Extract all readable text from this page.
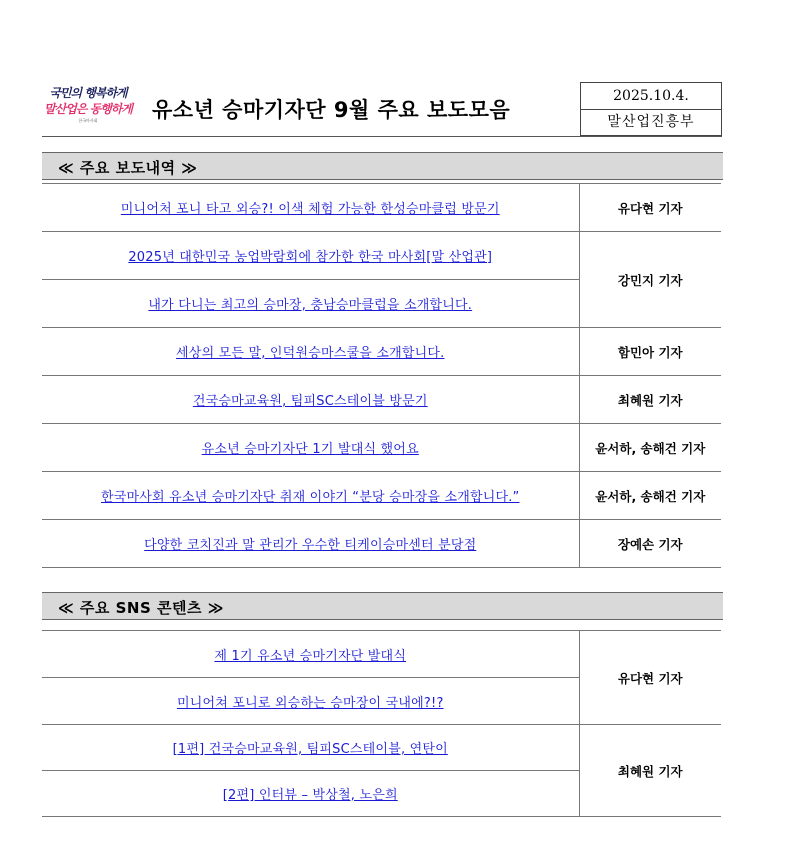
국민의 행복하게
말산업은 동행하게
한국마사회	유소년 승마기자단 9월 주요 보도모음
2025.10.4.
말산업진흥부
≪ 주요 보도내역 ≫
미니어처 포니 타고 외승?! 이색 체험 가능한 한성승마클럽 방문기	유다현 기자
2025년 대한민국 농업박람회에 참가한 한국 마사회[말 산업관]	강민지 기자
내가 다니는 최고의 승마장, 충남승마클럽을 소개합니다.	
세상의 모든 말, 인덕원승마스쿨을 소개합니다.	함민아 기자
건국승마교육원, 팀피SC스테이블 방문기	최혜원 기자
유소년 승마기자단 1기 발대식 했어요	윤서하, 송해건 기자
한국마사회 유소년 승마기자단 취재 이야기 “분당 승마장을 소개합니다.”	윤서하, 송해건 기자
다양한 코치진과 말 관리가 우수한 티케이승마센터 분당점	장예손 기자
≪ 주요 SNS 콘텐츠 ≫
제 1기 유소년 승마기자단 발대식	유다현 기자
미니어쳐 포니로 외승하는 승마장이 국내에?!?	
[1편] 건국승마교육원, 팀피SC스테이블, 연탄이	최혜원 기자
[2편] 인터뷰 – 박상철, 노은희	
